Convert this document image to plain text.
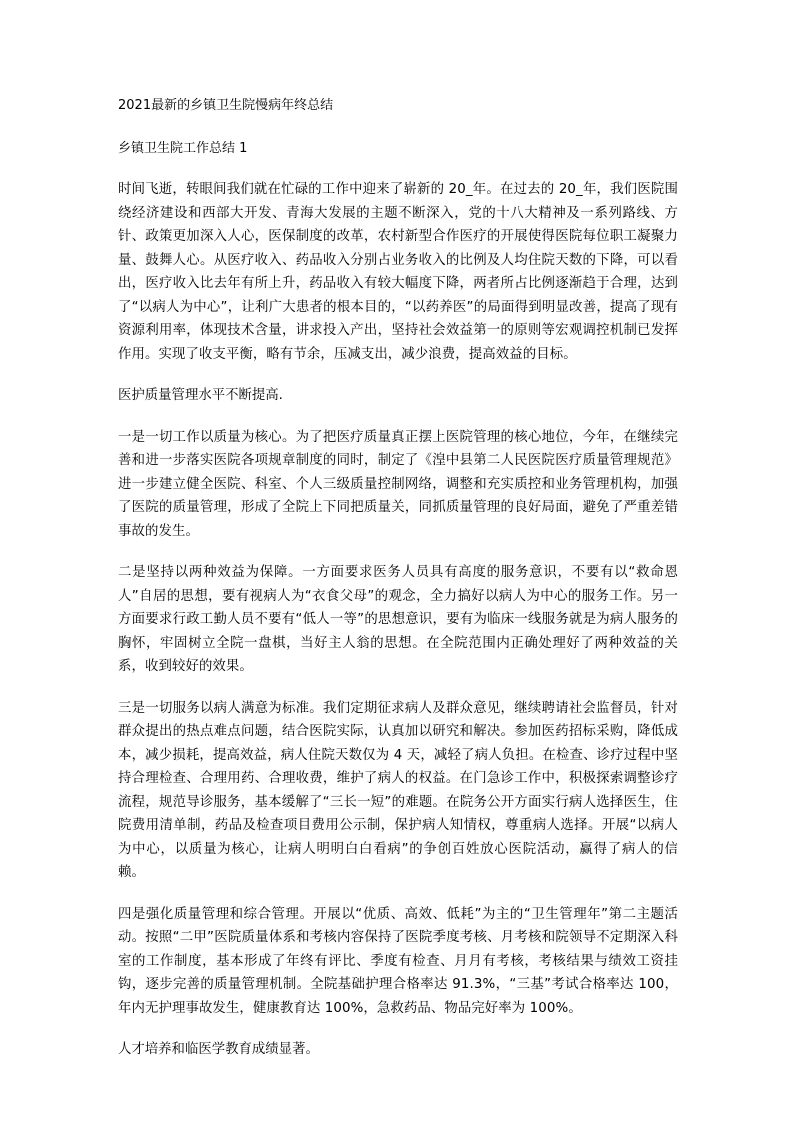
2021最新的乡镇卫生院慢病年终总结
乡镇卫生院工作总结 1

时间飞逝，转眼间我们就在忙碌的工作中迎来了崭新的 20_年。在过去的 20_年，我们医院围绕经济建设和西部大开发、青海大发展的主题不断深入，党的十八大精神及一系列路线、方针、政策更加深入人心，医保制度的改革，农村新型合作医疗的开展使得医院每位职工凝聚力量、鼓舞人心。从医疗收入、药品收入分别占业务收入的比例及人均住院天数的下降，可以看出，医疗收入比去年有所上升，药品收入有较大幅度下降，两者所占比例逐渐趋于合理，达到了“以病人为中心”，让利广大患者的根本目的，“以药养医”的局面得到明显改善，提高了现有资源利用率，体现技术含量，讲求投入产出，坚持社会效益第一的原则等宏观调控机制已发挥作用。实现了收支平衡，略有节余，压减支出，减少浪费，提高效益的目标。

医护质量管理水平不断提高.

一是一切工作以质量为核心。为了把医疗质量真正摆上医院管理的核心地位，今年，在继续完善和进一步落实医院各项规章制度的同时，制定了《湟中县第二人民医院医疗质量管理规范》进一步建立健全医院、科室、个人三级质量控制网络，调整和充实质控和业务管理机构，加强了医院的质量管理，形成了全院上下同把质量关，同抓质量管理的良好局面，避免了严重差错事故的发生。

二是坚持以两种效益为保障。一方面要求医务人员具有高度的服务意识，不要有以“救命恩人”自居的思想，要有视病人为“衣食父母”的观念，全力搞好以病人为中心的服务工作。另一方面要求行政工勤人员不要有“低人一等”的思想意识，要有为临床一线服务就是为病人服务的胸怀，牢固树立全院一盘棋，当好主人翁的思想。在全院范围内正确处理好了两种效益的关系，收到较好的效果。

三是一切服务以病人满意为标准。我们定期征求病人及群众意见，继续聘请社会监督员，针对群众提出的热点难点问题，结合医院实际，认真加以研究和解决。参加医药招标采购，降低成本，减少损耗，提高效益，病人住院天数仅为 4 天，减轻了病人负担。在检查、诊疗过程中坚持合理检查、合理用药、合理收费，维护了病人的权益。在门急诊工作中，积极探索调整诊疗流程，规范导诊服务，基本缓解了“三长一短”的难题。在院务公开方面实行病人选择医生，住院费用清单制，药品及检查项目费用公示制，保护病人知情权，尊重病人选择。开展“以病人为中心，以质量为核心，让病人明明白白看病”的争创百姓放心医院活动，赢得了病人的信赖。

四是强化质量管理和综合管理。开展以“优质、高效、低耗”为主的“卫生管理年”第二主题活动。按照“二甲”医院质量体系和考核内容保持了医院季度考核、月考核和院领导不定期深入科室的工作制度，基本形成了年终有评比、季度有检查、月月有考核，考核结果与绩效工资挂钩，逐步完善的质量管理机制。全院基础护理合格率达 91.3%，“三基”考试合格率达 100，年内无护理事故发生，健康教育达 100%，急救药品、物品完好率为 100%。

人才培养和临医学教育成绩显著。
